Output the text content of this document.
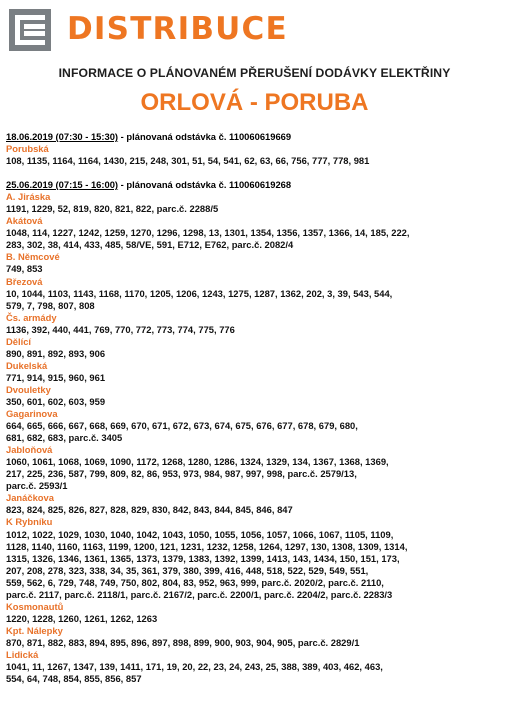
DISTRIBUCE
INFORMACE O PLÁNOVANÉM PŘERUŠENÍ DODÁVKY ELEKTŘINY
ORLOVÁ - PORUBA
18.06.2019 (07:30 - 15:30) - plánovaná odstávka č. 110060619669
Porubská
108, 1135, 1164, 1164, 1430, 215, 248, 301, 51, 54, 541, 62, 63, 66, 756, 777, 778, 981
25.06.2019 (07:15 - 16:00) - plánovaná odstávka č. 110060619268
A. Jiráska
1191, 1229, 52, 819, 820, 821, 822, parc.č. 2288/5
Akátová
1048, 114, 1227, 1242, 1259, 1270, 1296, 1298, 13, 1301, 1354, 1356, 1357, 1366, 14, 185, 222,
283, 302, 38, 414, 433, 485, 58/VE, 591, E712, E762, parc.č. 2082/4
B. Němcové
749, 853
Březová
10, 1044, 1103, 1143, 1168, 1170, 1205, 1206, 1243, 1275, 1287, 1362, 202, 3, 39, 543, 544,
579, 7, 798, 807, 808
Čs. armády
1136, 392, 440, 441, 769, 770, 772, 773, 774, 775, 776
Dělící
890, 891, 892, 893, 906
Dukelská
771, 914, 915, 960, 961
Dvouletky
350, 601, 602, 603, 959
Gagarinova
664, 665, 666, 667, 668, 669, 670, 671, 672, 673, 674, 675, 676, 677, 678, 679, 680,
681, 682, 683, parc.č. 3405
Jabloňová
1060, 1061, 1068, 1069, 1090, 1172, 1268, 1280, 1286, 1324, 1329, 134, 1367, 1368, 1369,
217, 225, 236, 587, 799, 809, 82, 86, 953, 973, 984, 987, 997, 998, parc.č. 2579/13,
parc.č. 2593/1
Janáčkova
823, 824, 825, 826, 827, 828, 829, 830, 842, 843, 844, 845, 846, 847
K Rybníku
1012, 1022, 1029, 1030, 1040, 1042, 1043, 1050, 1055, 1056, 1057, 1066, 1067, 1105, 1109,
1128, 1140, 1160, 1163, 1199, 1200, 121, 1231, 1232, 1258, 1264, 1297, 130, 1308, 1309, 1314,
1315, 1326, 1346, 1361, 1365, 1373, 1379, 1383, 1392, 1399, 1413, 143, 1434, 150, 151, 173,
207, 208, 278, 323, 338, 34, 35, 361, 379, 380, 399, 416, 448, 518, 522, 529, 549, 551,
559, 562, 6, 729, 748, 749, 750, 802, 804, 83, 952, 963, 999, parc.č. 2020/2, parc.č. 2110,
parc.č. 2117, parc.č. 2118/1, parc.č. 2167/2, parc.č. 2200/1, parc.č. 2204/2, parc.č. 2283/3
Kosmonautů
1220, 1228, 1260, 1261, 1262, 1263
Kpt. Nálepky
870, 871, 882, 883, 894, 895, 896, 897, 898, 899, 900, 903, 904, 905, parc.č. 2829/1
Lidická
1041, 11, 1267, 1347, 139, 1411, 171, 19, 20, 22, 23, 24, 243, 25, 388, 389, 403, 462, 463,
554, 64, 748, 854, 855, 856, 857
